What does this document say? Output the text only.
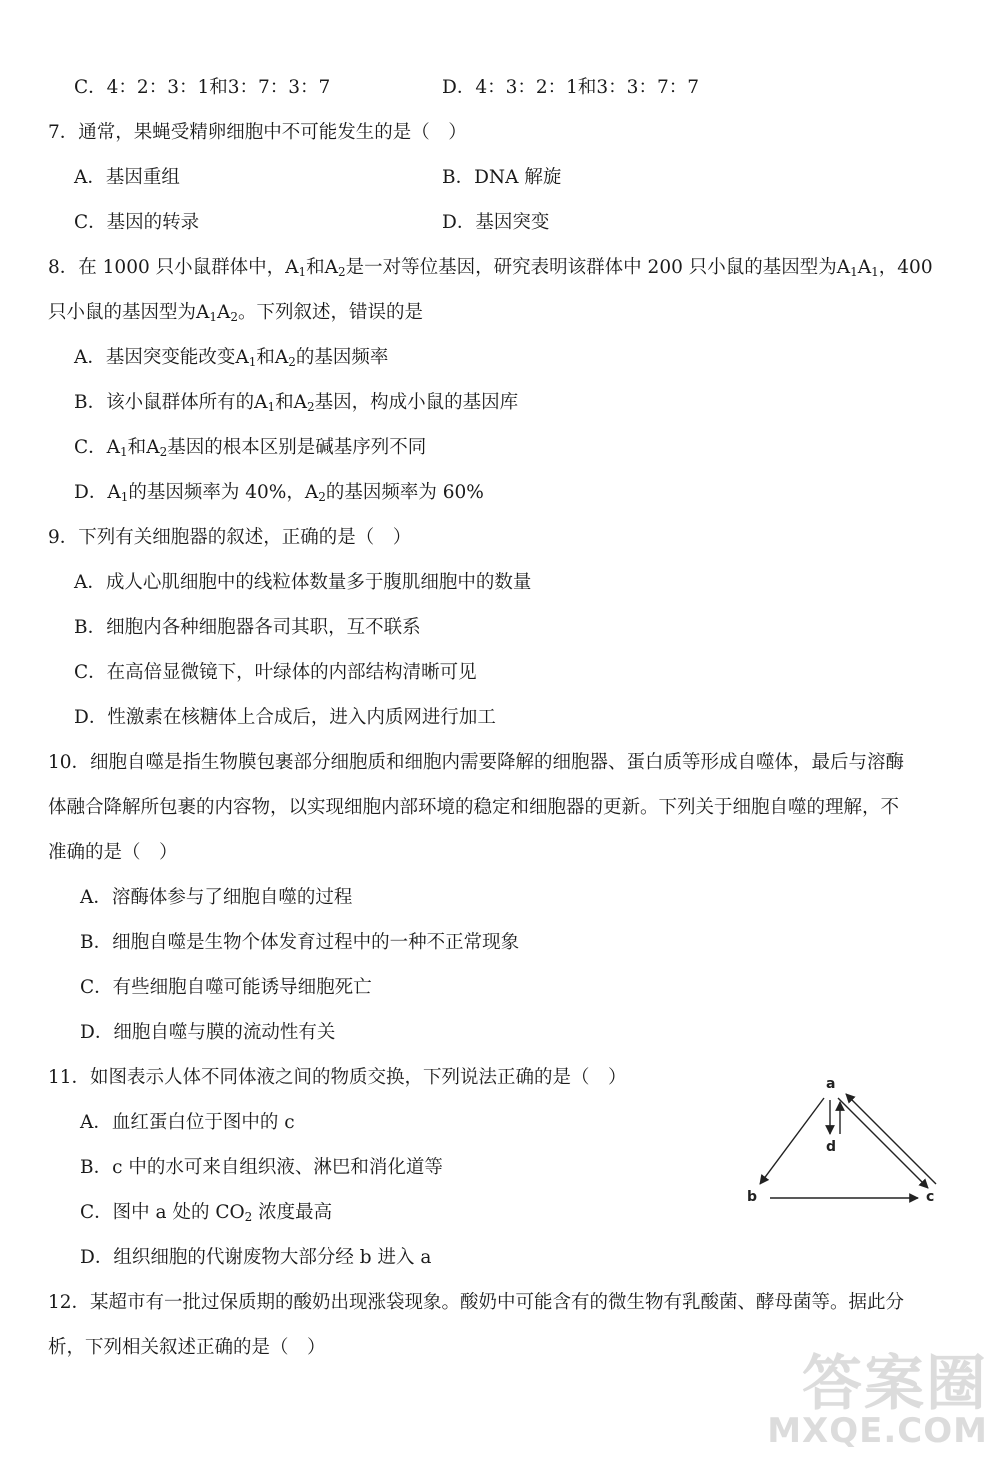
C．4：2：3：1和3：7：3：7	D．4：3：2：1和3：3：7：7
7．通常，果蝇受精卵细胞中不可能发生的是（　）
A．基因重组	B．DNA 解旋
C．基因的转录	D．基因突变
8．在 1000 只小鼠群体中，$A_1$和$A_2$是一对等位基因，研究表明该群体中 200 只小鼠的基因型为$A_1A_1$，400
只小鼠的基因型为$A_1A_2$。下列叙述，错误的是
A．基因突变能改变$A_1$和$A_2$的基因频率
B．该小鼠群体所有的$A_1$和$A_2$基因，构成小鼠的基因库
C．$A_1$和$A_2$基因的根本区别是碱基序列不同
D．$A_1$的基因频率为 40%，$A_2$的基因频率为 60%
9．下列有关细胞器的叙述，正确的是（　）
A．成人心肌细胞中的线粒体数量多于腹肌细胞中的数量
B．细胞内各种细胞器各司其职，互不联系
C．在高倍显微镜下，叶绿体的内部结构清晰可见
D．性激素在核糖体上合成后，进入内质网进行加工
10．细胞自噬是指生物膜包裹部分细胞质和细胞内需要降解的细胞器、蛋白质等形成自噬体，最后与溶酶
体融合降解所包裹的内容物，以实现细胞内部环境的稳定和细胞器的更新。下列关于细胞自噬的理解，不
准确的是（　）
A．溶酶体参与了细胞自噬的过程
B．细胞自噬是生物个体发育过程中的一种不正常现象
C．有些细胞自噬可能诱导细胞死亡
D．细胞自噬与膜的流动性有关
11．如图表示人体不同体液之间的物质交换，下列说法正确的是（　）
A．血红蛋白位于图中的 c
B．c 中的水可来自组织液、淋巴和消化道等
C．图中 a 处的 $CO_2$ 浓度最高
D．组织细胞的代谢废物大部分经 b 进入 a
a
b	c
d
12．某超市有一批过保质期的酸奶出现涨袋现象。酸奶中可能含有的微生物有乳酸菌、酵母菌等。据此分
析，下列相关叙述正确的是（　）
答案圈
MXQE.COM
